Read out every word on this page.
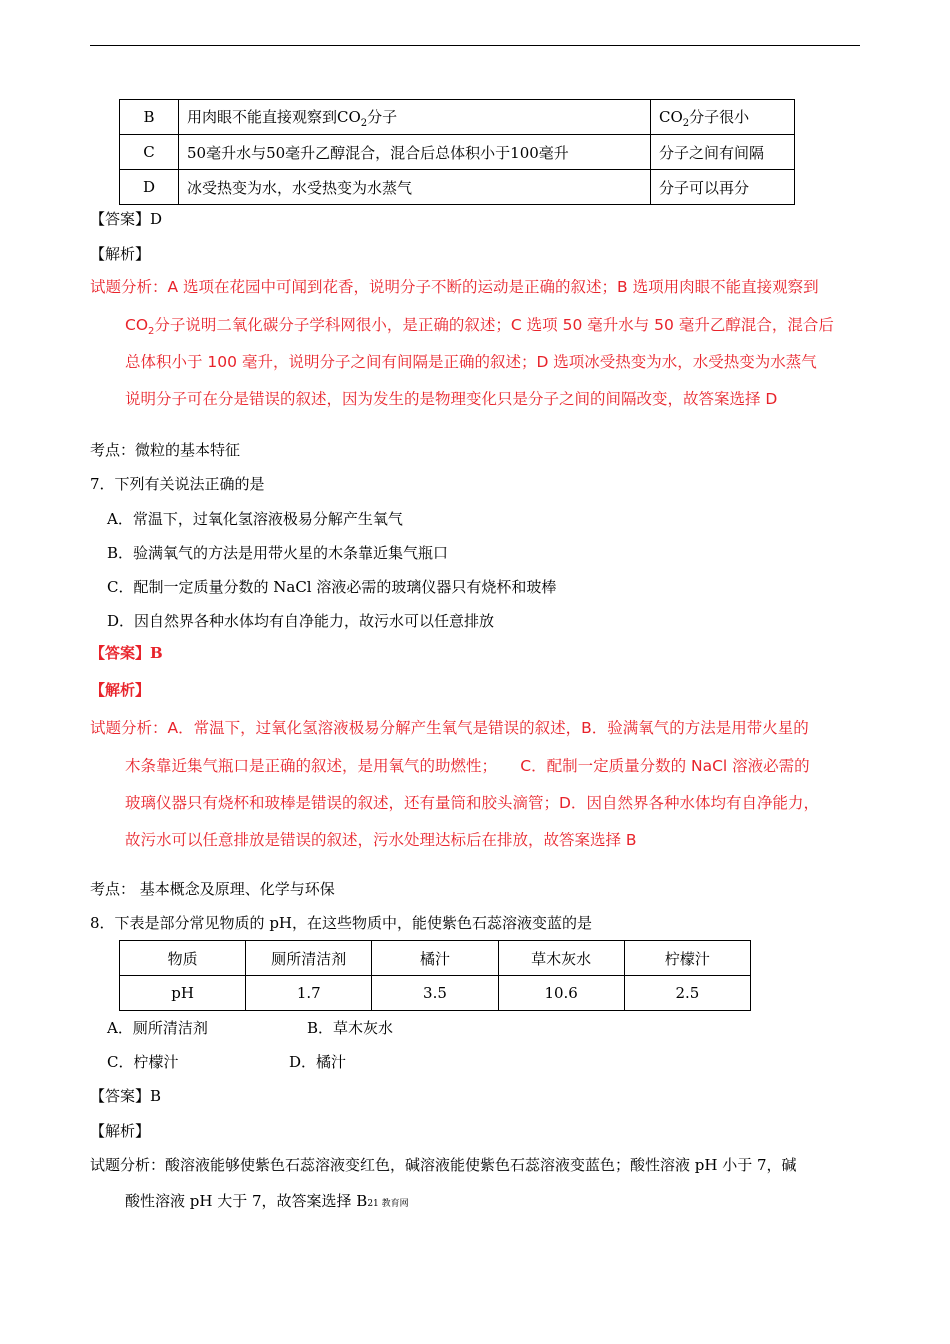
B	用肉眼不能直接观察到$CO_2$分子	$CO_2$分子很小
C	50毫升水与50毫升乙醇混合，混合后总体积小于100毫升	分子之间有间隔
D	冰受热变为水，水受热变为水蒸气	分子可以再分
【答案】D
【解析】
试题分析：A 选项在花园中可闻到花香，说明分子不断的运动是正确的叙述；B 选项用肉眼不能直接观察到
$CO_2$分子说明二氧化碳分子学科网很小，是正确的叙述；C 选项 50 毫升水与 50 毫升乙醇混合，混合后
总体积小于 100 毫升，说明分子之间有间隔是正确的叙述；D 选项冰受热变为水，水受热变为水蒸气
说明分子可在分是错误的叙述，因为发生的是物理变化只是分子之间的间隔改变，故答案选择 D
考点：微粒的基本特征
7．下列有关说法正确的是
A．常温下，过氧化氢溶液极易分解产生氧气
B．验满氧气的方法是用带火星的木条靠近集气瓶口
C．配制一定质量分数的 NaCl 溶液必需的玻璃仪器只有烧杯和玻棒
D．因自然界各种水体均有自净能力，故污水可以任意排放
【答案】B
【解析】
试题分析：A．常温下，过氧化氢溶液极易分解产生氧气是错误的叙述，B．验满氧气的方法是用带火星的
木条靠近集气瓶口是正确的叙述，是用氧气的助燃性；　　C．配制一定质量分数的 NaCl 溶液必需的
玻璃仪器只有烧杯和玻棒是错误的叙述，还有量筒和胶头滴管；D．因自然界各种水体均有自净能力，
故污水可以任意排放是错误的叙述，污水处理达标后在排放，故答案选择 B
考点： 基本概念及原理、化学与环保
8．下表是部分常见物质的 pH，在这些物质中，能使紫色石蕊溶液变蓝的是
物质	厕所清洁剂	橘汁	草木灰水	柠檬汁
pH	1.7	3.5	10.6	2.5
A．厕所清洁剂	B．草木灰水
C．柠檬汁	D．橘汁
【答案】B
【解析】
试题分析：酸溶液能够使紫色石蕊溶液变红色，碱溶液能使紫色石蕊溶液变蓝色；酸性溶液 pH 小于 7，碱
酸性溶液 pH 大于 7，故答案选择 B21 教育网
